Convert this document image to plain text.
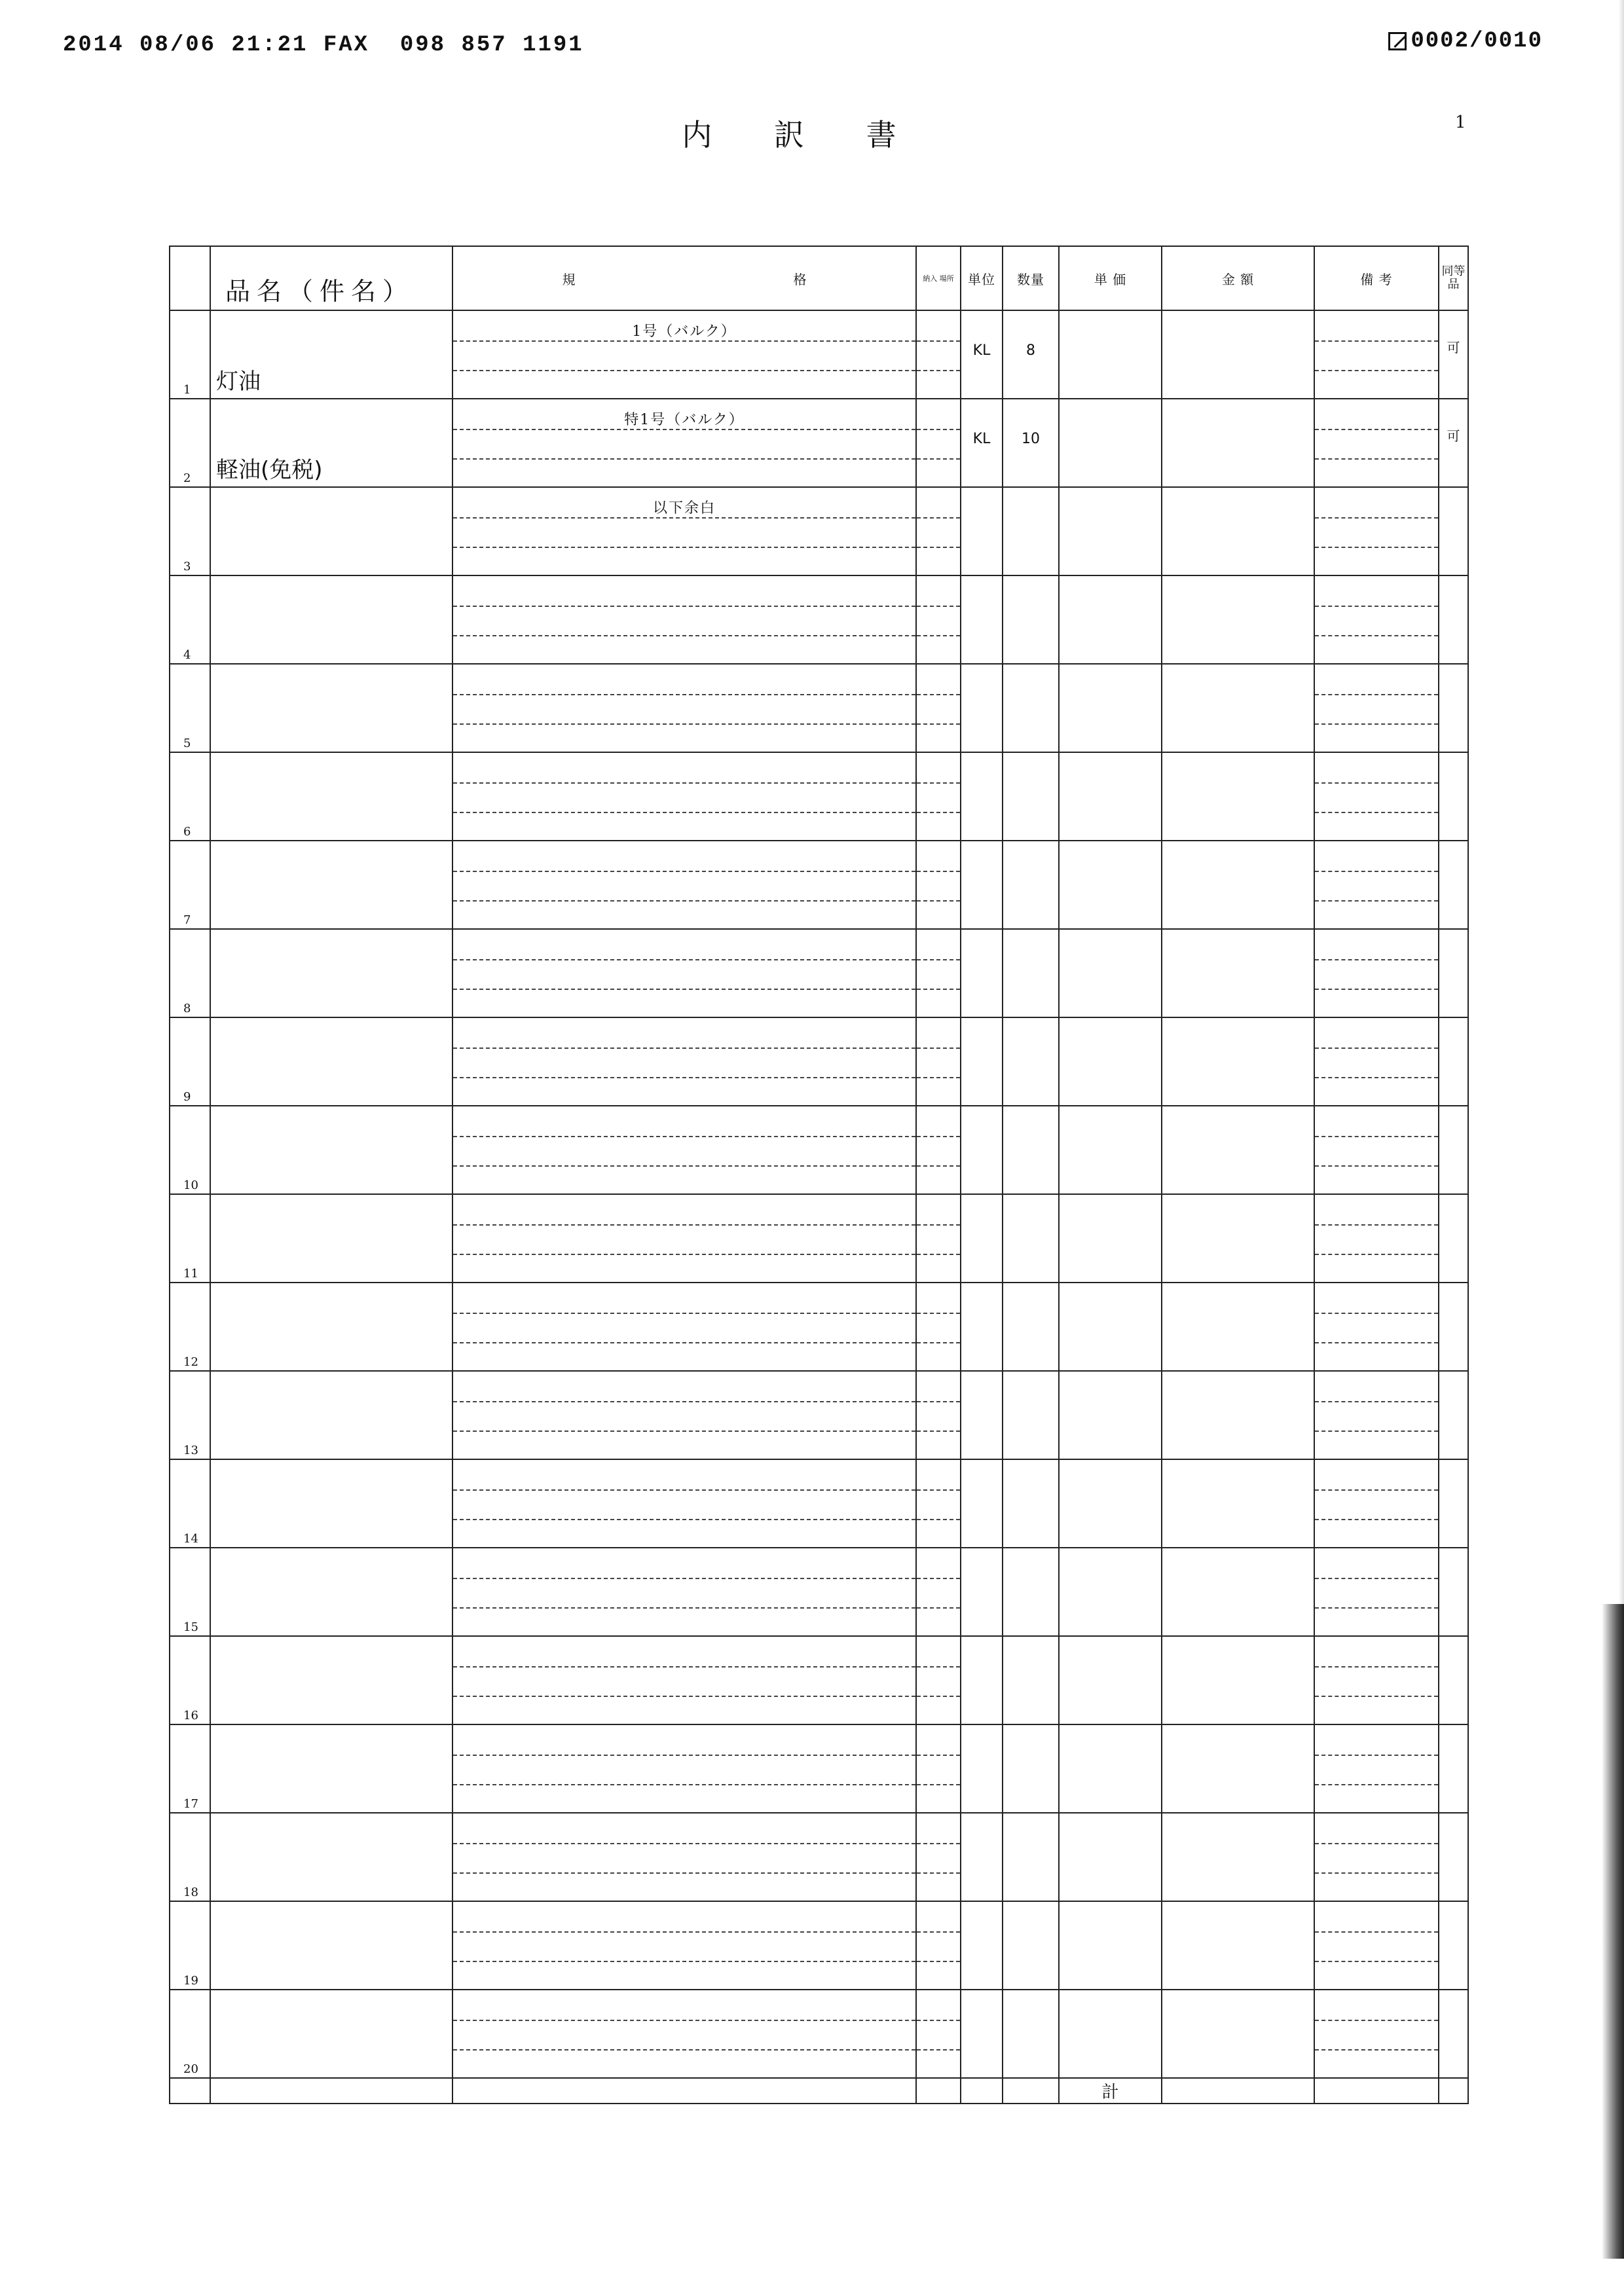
2014 08/06 21:21 FAX  098 857 1191	0002/0010
内 訳 書	1
	品名（件名）	規 格	納入 場所	単位	数量	単 価	金 額	備 考	同等品

1	灯油	1号（バルク）		KL	8				可

2	軽油(免税)	特1号（バルク）		KL	10				可

3		以下余白							

4									

5									

6									

7									

8									

9									

10									

11									

12									

13									

14									

15									

16									

17									

18									

19									

20									

						計			
